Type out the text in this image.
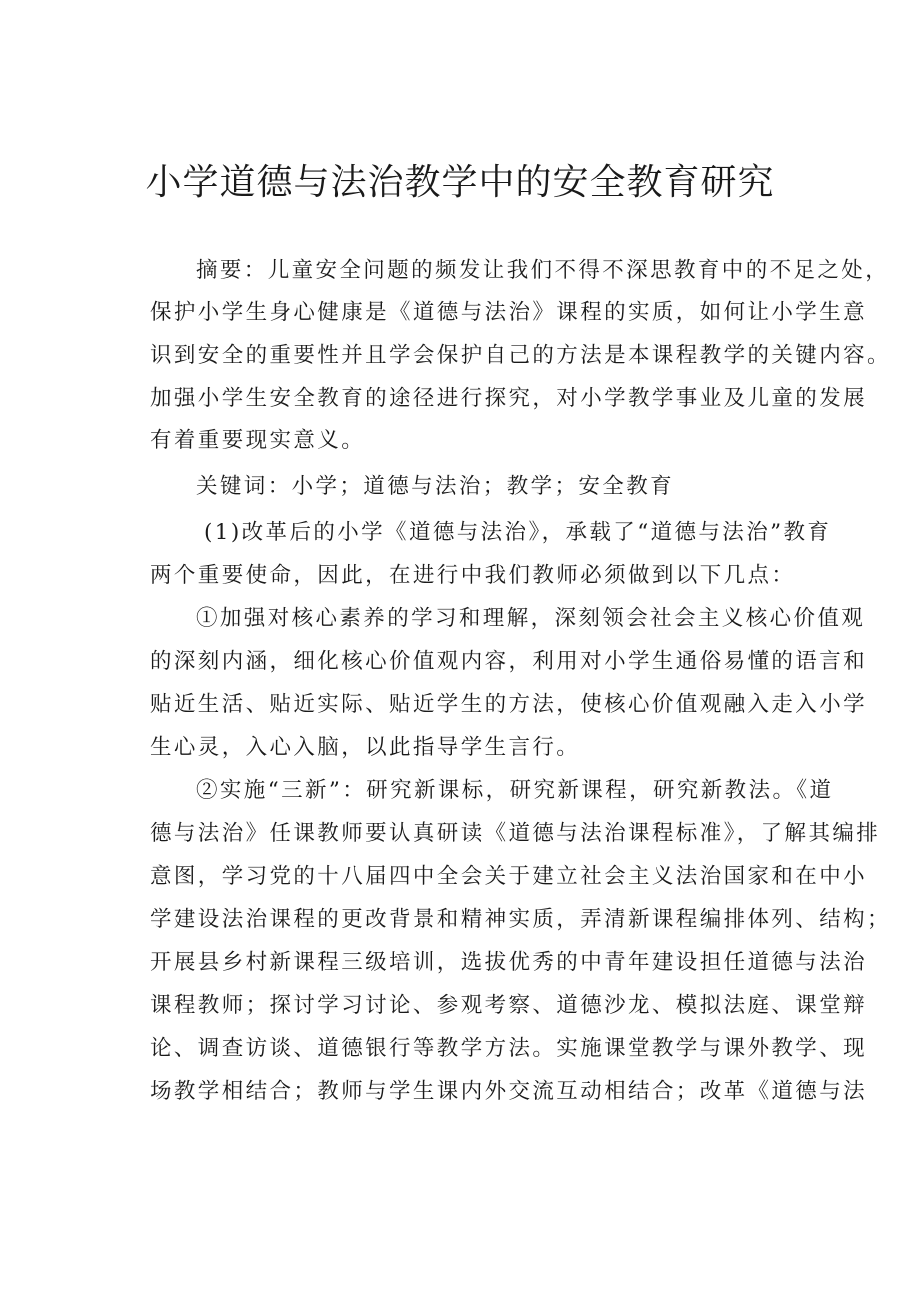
小学道德与法治教学中的安全教育研究
摘要：儿童安全问题的频发让我们不得不深思教育中的不足之处，
保护小学生身心健康是《道德与法治》课程的实质，如何让小学生意
识到安全的重要性并且学会保护自己的方法是本课程教学的关键内容。
加强小学生安全教育的途径进行探究，对小学教学事业及儿童的发展
有着重要现实意义。
关键词：小学；道德与法治；教学；安全教育
(1)改革后的小学《道德与法治》，承载了“道德与法治”教育
两个重要使命，因此，在进行中我们教师必须做到以下几点：
①加强对核心素养的学习和理解，深刻领会社会主义核心价值观
的深刻内涵，细化核心价值观内容，利用对小学生通俗易懂的语言和
贴近生活、贴近实际、贴近学生的方法，使核心价值观融入走入小学
生心灵，入心入脑，以此指导学生言行。
②实施“三新”：研究新课标，研究新课程，研究新教法。《道
德与法治》任课教师要认真研读《道德与法治课程标准》，了解其编排
意图，学习党的十八届四中全会关于建立社会主义法治国家和在中小
学建设法治课程的更改背景和精神实质，弄清新课程编排体列、结构；
开展县乡村新课程三级培训，选拔优秀的中青年建设担任道德与法治
课程教师；探讨学习讨论、参观考察、道德沙龙、模拟法庭、课堂辩
论、调查访谈、道德银行等教学方法。实施课堂教学与课外教学、现
场教学相结合；教师与学生课内外交流互动相结合；改革《道德与法
